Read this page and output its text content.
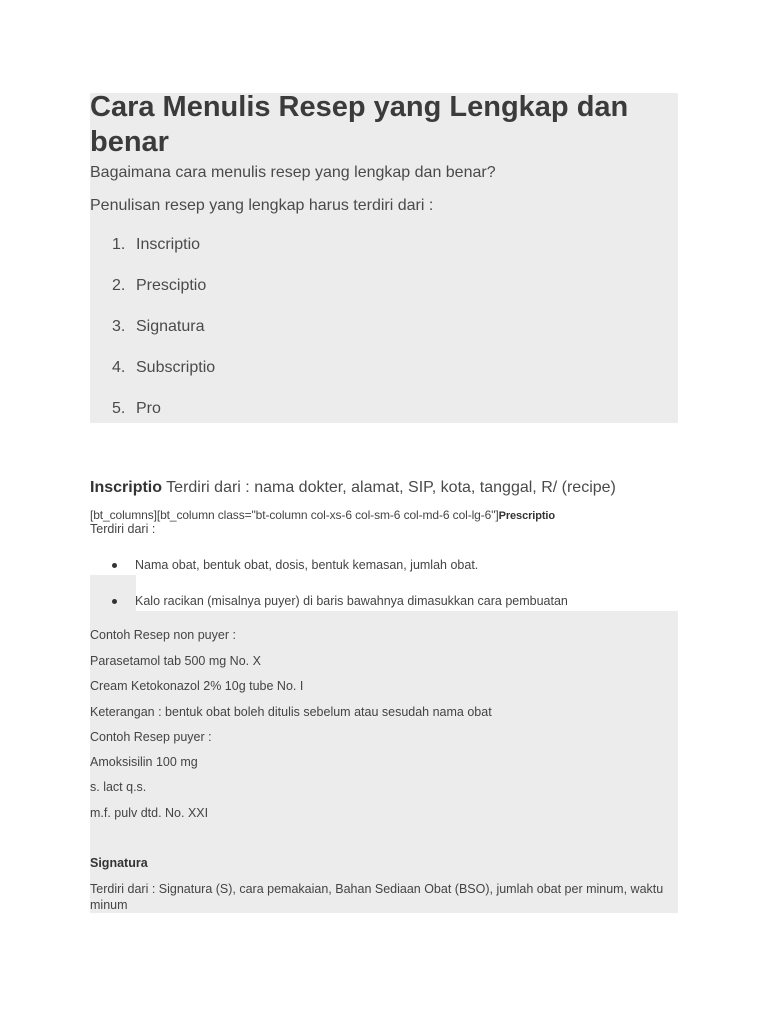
Cara Menulis Resep yang Lengkap dan benar
Bagaimana cara menulis resep yang lengkap dan benar?
Penulisan resep yang lengkap harus terdiri dari :
1. Inscriptio
2. Presciptio
3. Signatura
4. Subscriptio
5. Pro
Inscriptio Terdiri dari : nama dokter, alamat, SIP, kota, tanggal, R/ (recipe)
[bt_columns][bt_column class="bt-column col-xs-6 col-sm-6 col-md-6 col-lg-6"]Prescriptio
Terdiri dari :
Nama obat, bentuk obat, dosis, bentuk kemasan, jumlah obat.
Kalo racikan (misalnya puyer) di baris bawahnya dimasukkan cara pembuatan
Contoh Resep non puyer :
Parasetamol tab 500 mg No. X
Cream Ketokonazol 2% 10g tube No. I
Keterangan : bentuk obat boleh ditulis sebelum atau sesudah nama obat
Contoh Resep puyer :
Amoksisilin 100 mg
s. lact q.s.
m.f. pulv dtd. No. XXI
Signatura
Terdiri dari : Signatura (S), cara pemakaian, Bahan Sediaan Obat (BSO), jumlah obat per minum, waktu minum
